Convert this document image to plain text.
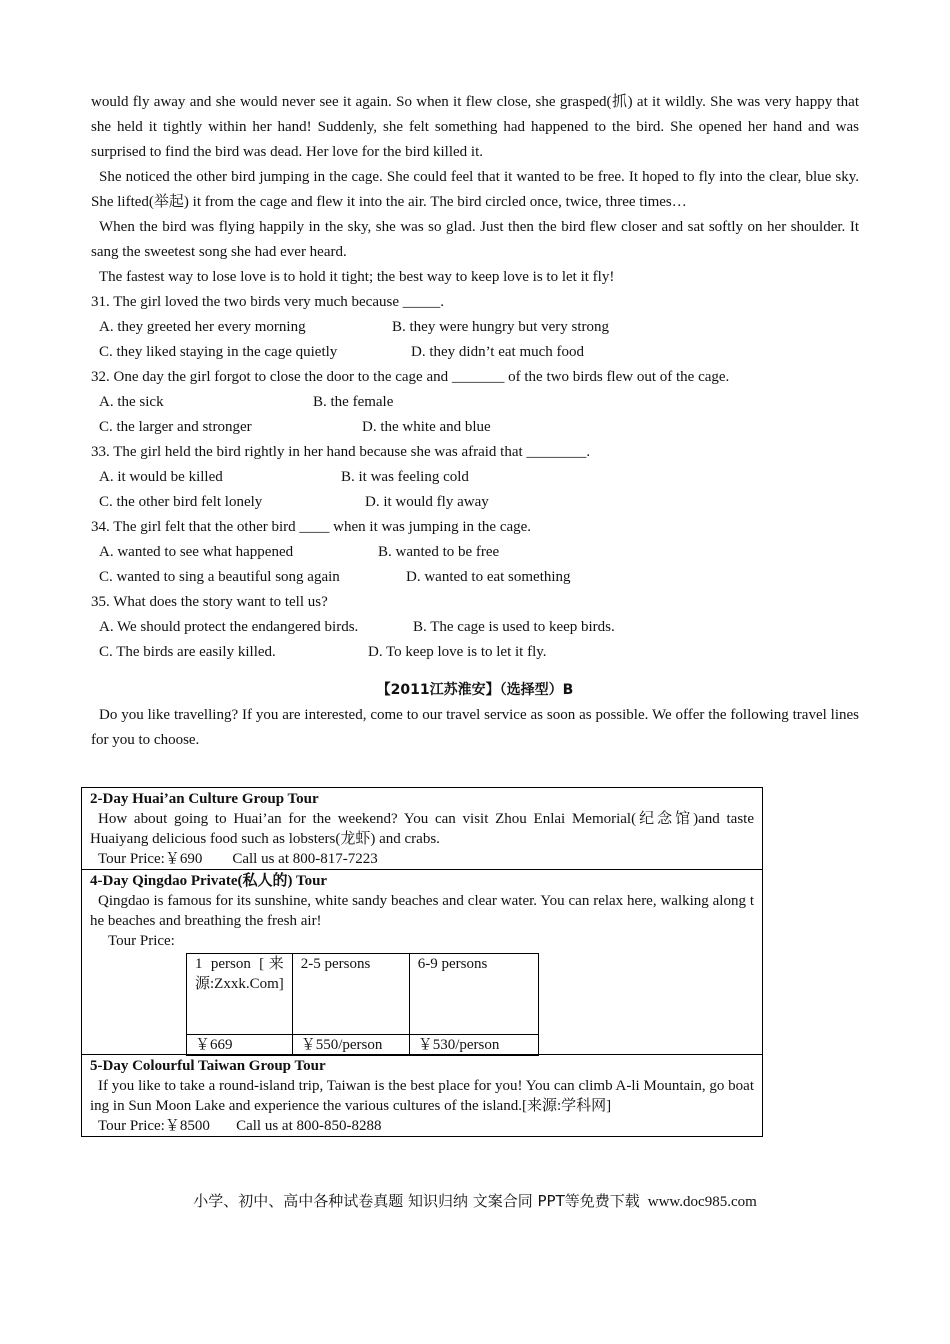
would fly away and she would never see it again. So when it flew close, she grasped(抓) at it wildly. She was very happy that she held it tightly within her hand! Suddenly, she felt something had happened to the bird. She opened her hand and was surprised to find the bird was dead. Her love for the bird killed it.

She noticed the other bird jumping in the cage. She could feel that it wanted to be free. It hoped to fly into the clear, blue sky. She lifted(举起) it from the cage and flew it into the air. The bird circled once, twice, three times…

When the bird was flying happily in the sky, she was so glad. Just then the bird flew closer and sat softly on her shoulder. It sang the sweetest song she had ever heard.

The fastest way to lose love is to hold it tight; the best way to keep love is to let it fly!

31. The girl loved the two birds very much because _____.

A. they greeted her every morning	B. they were hungry but very strong
C. they liked staying in the cage quietly	D. they didn’t eat much food

32. One day the girl forgot to close the door to the cage and _______ of the two birds flew out of the cage.

A. the sick	B. the female
C. the larger and stronger	D. the white and blue

33. The girl held the bird rightly in her hand because she was afraid that ________.

A. it would be killed	B. it was feeling cold
C. the other bird felt lonely	D. it would fly away

34. The girl felt that the other bird ____ when it was jumping in the cage.

A. wanted to see what happened	B. wanted to be free
C. wanted to sing a beautiful song again	D. wanted to eat something

35. What does the story want to tell us?

A. We should protect the endangered birds.	B. The cage is used to keep birds.
C. The birds are easily killed.	D. To keep love is to let it fly.

【2011江苏淮安】（选择型）B

Do you like travelling? If you are interested, come to our travel service as soon as possible. We offer the following travel lines for you to choose.

2-Day Huai’an Culture Group Tour

How about going to Huai’an for the weekend? You can visit Zhou Enlai Memorial(纪念馆)and taste Huaiyang delicious food such as lobsters(龙虾) and crabs.

Tour Price:￥690        Call us at 800-817-7223

4-Day Qingdao Private(私人的) Tour

Qingdao is famous for its sunshine, white sandy beaches and clear water. You can relax here, walking along the beaches and breathing the fresh air!

Tour Price:

1 person [来源:Zxxk.Com]	2-5 persons	6-9 persons
￥669	￥550/person	￥530/person
5-Day Colourful Taiwan Group Tour

If you like to take a round-island trip, Taiwan is the best place for you! You can climb A-li Mountain, go boating in Sun Moon Lake and experience the various cultures of the island.[来源:学科网]

Tour Price:￥8500       Call us at 800-850-8288

小学、初中、高中各种试卷真题 知识归纳 文案合同 PPT等免费下载 www.doc985.com
